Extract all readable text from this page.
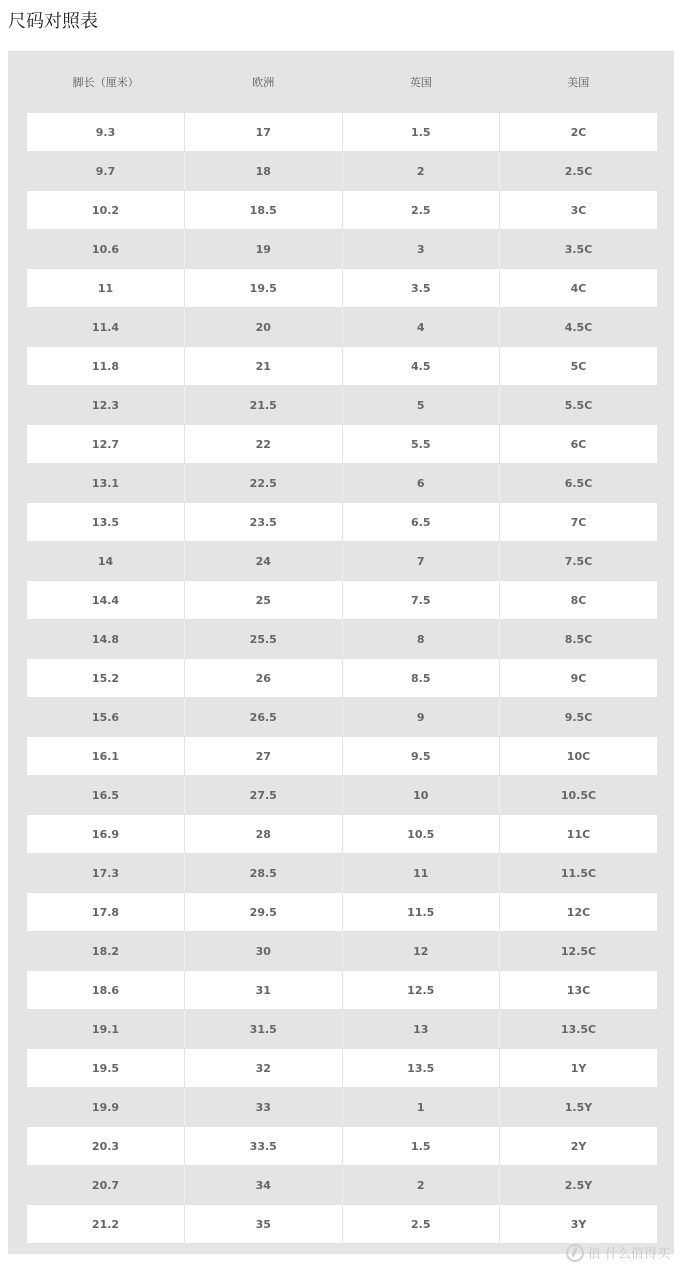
尺码对照表
脚长（厘米）	欧洲	英国	美国
9.3	17	1.5	2C
9.7	18	2	2.5C
10.2	18.5	2.5	3C
10.6	19	3	3.5C
11	19.5	3.5	4C
11.4	20	4	4.5C
11.8	21	4.5	5C
12.3	21.5	5	5.5C
12.7	22	5.5	6C
13.1	22.5	6	6.5C
13.5	23.5	6.5	7C
14	24	7	7.5C
14.4	25	7.5	8C
14.8	25.5	8	8.5C
15.2	26	8.5	9C
15.6	26.5	9	9.5C
16.1	27	9.5	10C
16.5	27.5	10	10.5C
16.9	28	10.5	11C
17.3	28.5	11	11.5C
17.8	29.5	11.5	12C
18.2	30	12	12.5C
18.6	31	12.5	13C
19.1	31.5	13	13.5C
19.5	32	13.5	1Y
19.9	33	1	1.5Y
20.3	33.5	1.5	2Y
20.7	34	2	2.5Y
21.2	35	2.5	3Y
值 什么值得买
